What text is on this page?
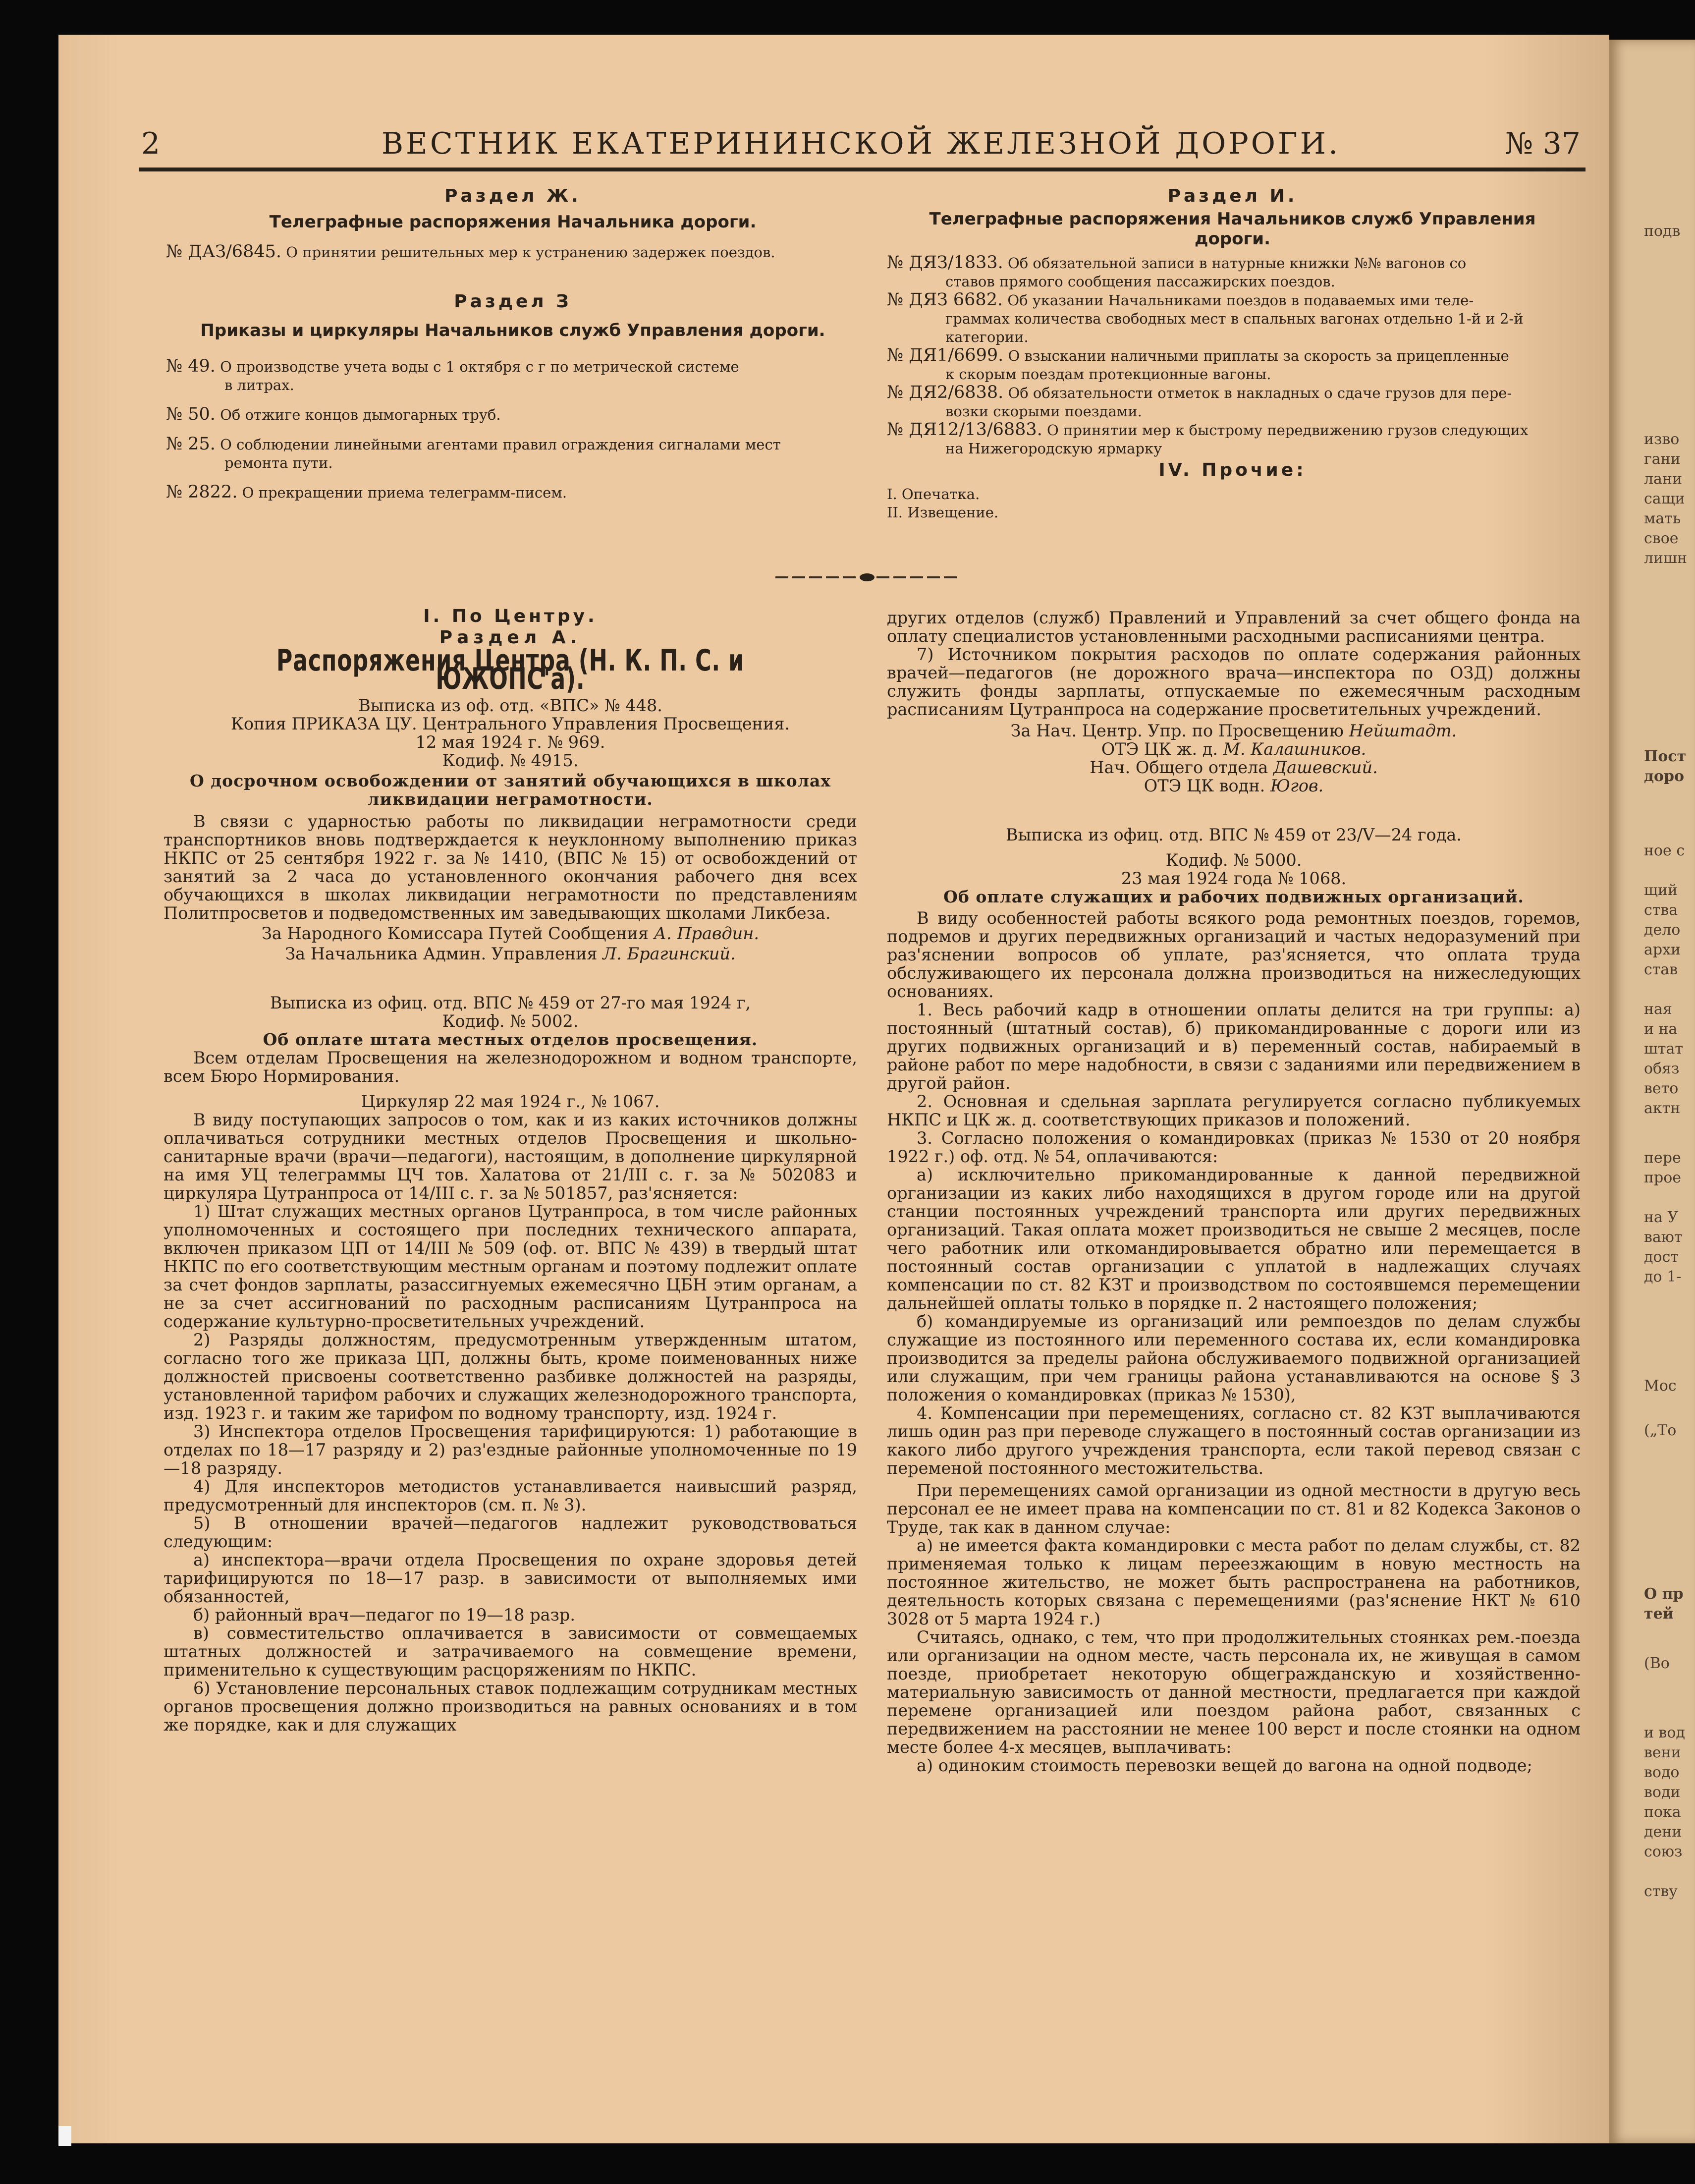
подв
изво
гани
лани
сащи
мать
свое
лишн
Пост
доро
ное с
щий
ства
дело
архи
став
ная
и на
штат
обяз
вето
актн
пере
прое
на У
вают
дост
до 1-
Мос
(„То
О пр
тей
(Во
и вод
вени
водо
води
пока
дени
союз
ству
2	ВЕСТНИК ЕКАТЕРИНИНСКОЙ ЖЕЛЕЗНОЙ ДОРОГИ.	№ 37

Раздел Ж.

Телеграфные распоряжения Начальника дороги.

№ ДАЗ/6845. О принятии решительных мер к устранению задержек поездов.

Раздел З

Приказы и циркуляры Начальников служб Управления дороги.

№ 49. О производстве учета воды с 1 октября с г по метрической системе
в литрах.

№ 50. Об отжиге концов дымогарных труб.

№ 25. О соблюдении линейными агентами правил ограждения сигналами мест
ремонта пути.

№ 2822. О прекращении приема телеграмм-писем.

Раздел И.

Телеграфные распоряжения Начальников служб Управления дороги.

№ ДЯЗ/1833. Об обязательной записи в натурные книжки №№ вагонов со
ставов прямого сообщения пассажирских поездов.

№ ДЯЗ 6682. Об указании Начальниками поездов в подаваемых ими теле-
граммах количества свободных мест в спальных вагонах отдельно 1-й и 2-й категории.

№ ДЯ1/6699. О взыскании наличными приплаты за скорость за прицепленные
к скорым поездам протекционные вагоны.

№ ДЯ2/6838. Об обязательности отметок в накладных о сдаче грузов для пере-
возки скорыми поездами.

№ ДЯ12/13/6883. О принятии мер к быстрому передвижению грузов следующих
на Нижегородскую ярмарку

IV. Прочие:

I. Опечатка.

II. Извещение.

I. По Центру.

Раздел А.

Распоряжения Центра (Н. К. П. С. и ЮЖОПС'а).

Выписка из оф. отд. «ВПС» № 448.

Копия ПРИКАЗА ЦУ. Центрального Управления Просвещения.

12 мая 1924 г. № 969.

Кодиф. № 4915.

О досрочном освобождении от занятий обучающихся в школах ликвидации неграмотности.

В связи с ударностью работы по ликвидации неграмотности среди транспортников вновь подтверждается к неуклонному выполнению приказ НКПС от 25 сентября 1922 г. за № 1410, (ВПС № 15) от освобождений от занятий за 2 часа до установленного окончания рабочего дня всех обучающихся в школах ликвидации неграмотности по представлениям Политпросветов и подведомственных им заведывающих школами Ликбеза.

За Народного Комиссара Путей Сообщения А. Правдин.

За Начальника Админ. Управления Л. Брагинский.

Выписка из офиц. отд. ВПС № 459 от 27-го мая 1924 г,

Кодиф. № 5002.

Об оплате штата местных отделов просвещения.

Всем отделам Просвещения на железнодорожном и водном транспорте, всем Бюро Нормирования.

Циркуляр 22 мая 1924 г., № 1067.

В виду поступающих запросов о том, как и из каких источников должны оплачиваться сотрудники местных отделов Просвещения и школьно-санитарные врачи (врачи—педагоги), настоящим, в дополнение циркулярной на имя УЦ телеграммы ЦЧ тов. Халатова от 21/III с. г. за № 502083 и циркуляра Цутранпроса от 14/III с. г. за № 501857, раз'ясняется:

1) Штат служащих местных органов Цутранпроса, в том числе районных уполномоченных и состоящего при последних технического аппарата, включен приказом ЦП от 14/III № 509 (оф. от. ВПС № 439) в твердый штат НКПС по его соответствующим местным органам и поэтому подлежит оплате за счет фондов зарплаты, разассигнуемых ежемесячно ЦБН этим органам, а не за счет ассигнований по расходным расписаниям Цутранпроса на содержание культурно-просветительных учреждений.

2) Разряды должностям, предусмотренным утвержденным штатом, согласно того же приказа ЦП, должны быть, кроме поименованных ниже должностей присвоены соответственно разбивке должностей на разряды, установленной тарифом рабочих и служащих железнодорожного транспорта, изд. 1923 г. и таким же тарифом по водному транспорту, изд. 1924 г.

3) Инспектора отделов Просвещения тарифицируются: 1) работающие в отделах по 18—17 разряду и 2) раз'ездные районные уполномоченные по 19—18 разряду.

4) Для инспекторов методистов устанавливается наивысший разряд, предусмотренный для инспекторов (см. п. № 3).

5) В отношении врачей—педагогов надлежит руководствоваться следующим:

а) инспектора—врачи отдела Просвещения по охране здоровья детей тарифицируются по 18—17 разр. в зависимости от выполняемых ими обязанностей,

б) районный врач—педагог по 19—18 разр.

в) совместительство оплачивается в зависимости от совмещаемых штатных должностей и затрачиваемого на совмещение времени, применительно к существующим расцоряжениям по НКПС.

6) Установление персональных ставок подлежащим сотрудникам местных органов просвещения должно производиться на равных основаниях и в том же порядке, как и для служащих

других отделов (служб) Правлений и Управлений за счет общего фонда на оплату специалистов установленными расходными расписаниями центра.

7) Источником покрытия расходов по оплате содержания районных врачей—педагогов (не дорожного врача—инспектора по ОЗД) должны служить фонды зарплаты, отпускаемые по ежемесячным расходным расписаниям Цутранпроса на содержание просветительных учреждений.

За Нач. Центр. Упр. по Просвещению Нейштадт.

ОТЭ ЦК ж. д. М. Калашников.

Нач. Общего отдела Дашевский.

ОТЭ ЦК водн. Югов.

Выписка из офиц. отд. ВПС № 459 от 23/V—24 года.

Кодиф. № 5000.

23 мая 1924 года № 1068.

Об оплате служащих и рабочих подвижных организаций.

В виду особенностей работы всякого рода ремонтных поездов, горемов, подремов и других передвижных организаций и частых недоразумений при раз'яснении вопросов об уплате, раз'ясняется, что оплата труда обслуживающего их персонала должна производиться на нижеследующих основаниях.

1. Весь рабочий кадр в отношении оплаты делится на три группы: а) постоянный (штатный состав), б) прикомандированные с дороги или из других подвижных организаций и в) переменный состав, набираемый в районе работ по мере надобности, в связи с заданиями или передвижением в другой район.

2. Основная и сдельная зарплата регулируется согласно публикуемых НКПС и ЦК ж. д. соответствующих приказов и положений.

3. Согласно положения о командировках (приказ № 1530 от 20 ноября 1922 г.) оф. отд. № 54, оплачиваются:

а) исключительно прикомандированные к данной передвижной организации из каких либо находящихся в другом городе или на другой станции постоянных учреждений транспорта или других передвижных организаций. Такая оплата может производиться не свыше 2 месяцев, после чего работник или откомандировывается обратно или перемещается в постоянный состав организации с уплатой в надлежащих случаях компенсации по ст. 82 КЗТ и производством по состоявшемся перемещении дальнейшей оплаты только в порядке п. 2 настоящего положения;

б) командируемые из организаций или ремпоездов по делам службы служащие из постоянного или переменного состава их, если командировка производится за пределы района обслуживаемого подвижной организацией или служащим, при чем границы района устанавливаются на основе § 3 положения о командировках (приказ № 1530),

4. Компенсации при перемещениях, согласно ст. 82 КЗТ выплачиваются лишь один раз при переводе служащего в постоянный состав организации из какого либо другого учреждения транспорта, если такой перевод связан с переменой постоянного местожительства.

При перемещениях самой организации из одной местности в другую весь персонал ее не имеет права на компенсации по ст. 81 и 82 Кодекса Законов о Труде, так как в данном случае:

а) не имеется факта командировки с места работ по делам службы, ст. 82 применяемая только к лицам переезжающим в новую местность на постоянное жительство, не может быть распространена на работников, деятельность которых связана с перемещениями (раз'яснение НКТ № 610 3028 от 5 марта 1924 г.)

Считаясь, однако, с тем, что при продолжительных стоянках рем.-поезда или организации на одном месте, часть персонала их, не живущая в самом поезде, приобретает некоторую общегражданскую и хозяйственно-материальную зависимость от данной местности, предлагается при каждой перемене организацией или поездом района работ, связанных с передвижением на расстоянии не менее 100 верст и после стоянки на одном месте более 4-х месяцев, выплачивать:

а) одиноким стоимость перевозки вещей до вагона на одной подводе;
